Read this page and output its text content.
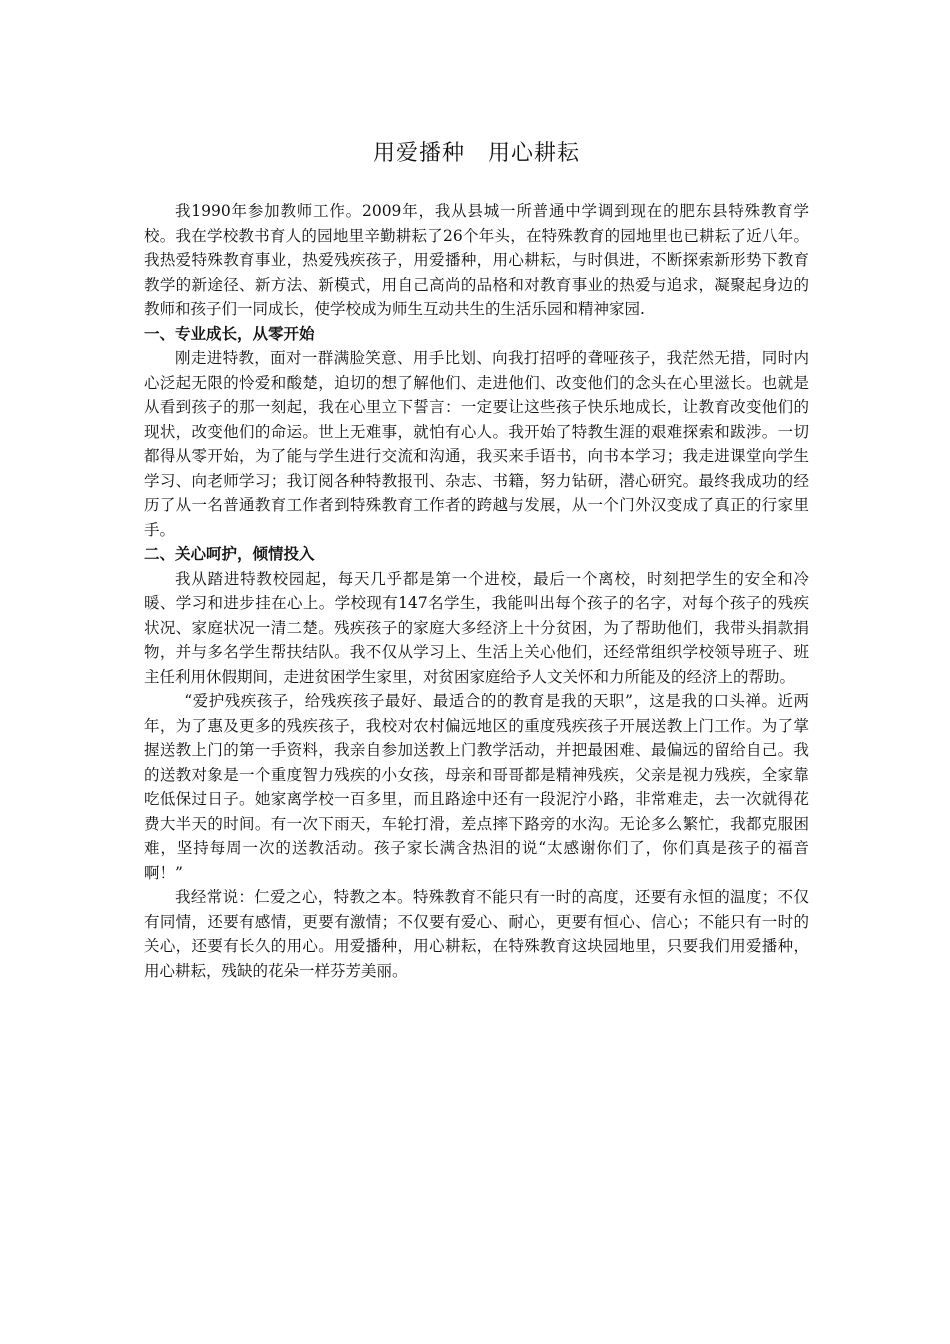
用爱播种　用心耕耘

我1990年参加教师工作。2009年，我从县城一所普通中学调到现在的肥东县特殊教育学校。我在学校教书育人的园地里辛勤耕耘了26个年头，在特殊教育的园地里也已耕耘了近八年。我热爱特殊教育事业，热爱残疾孩子，用爱播种，用心耕耘，与时俱进，不断探索新形势下教育教学的新途径、新方法、新模式，用自己高尚的品格和对教育事业的热爱与追求，凝聚起身边的教师和孩子们一同成长，使学校成为师生互动共生的生活乐园和精神家园.

一、专业成长，从零开始

刚走进特教，面对一群满脸笑意、用手比划、向我打招呼的聋哑孩子，我茫然无措，同时内心泛起无限的怜爱和酸楚，迫切的想了解他们、走进他们、改变他们的念头在心里滋长。也就是从看到孩子的那一刻起，我在心里立下誓言：一定要让这些孩子快乐地成长，让教育改变他们的现状，改变他们的命运。世上无难事，就怕有心人。我开始了特教生涯的艰难探索和跋涉。一切都得从零开始，为了能与学生进行交流和沟通，我买来手语书，向书本学习；我走进课堂向学生学习、向老师学习；我订阅各种特教报刊、杂志、书籍，努力钻研，潜心研究。最终我成功的经历了从一名普通教育工作者到特殊教育工作者的跨越与发展，从一个门外汉变成了真正的行家里手。

二、关心呵护，倾情投入

我从踏进特教校园起，每天几乎都是第一个进校，最后一个离校，时刻把学生的安全和冷暖、学习和进步挂在心上。学校现有147名学生，我能叫出每个孩子的名字，对每个孩子的残疾状况、家庭状况一清二楚。残疾孩子的家庭大多经济上十分贫困，为了帮助他们，我带头捐款捐物，并与多名学生帮扶结队。我不仅从学习上、生活上关心他们，还经常组织学校领导班子、班主任利用休假期间，走进贫困学生家里，对贫困家庭给予人文关怀和力所能及的经济上的帮助。

“爱护残疾孩子，给残疾孩子最好、最适合的的教育是我的天职”，这是我的口头禅。近两年，为了惠及更多的残疾孩子，我校对农村偏远地区的重度残疾孩子开展送教上门工作。为了掌握送教上门的第一手资料，我亲自参加送教上门教学活动，并把最困难、最偏远的留给自己。我的送教对象是一个重度智力残疾的小女孩，母亲和哥哥都是精神残疾，父亲是视力残疾，全家靠吃低保过日子。她家离学校一百多里，而且路途中还有一段泥泞小路，非常难走，去一次就得花费大半天的时间。有一次下雨天，车轮打滑，差点摔下路旁的水沟。无论多么繁忙，我都克服困难，坚持每周一次的送教活动。孩子家长满含热泪的说“太感谢你们了，你们真是孩子的福音啊！”

我经常说：仁爱之心，特教之本。特殊教育不能只有一时的高度，还要有永恒的温度；不仅有同情，还要有感情，更要有激情；不仅要有爱心、耐心，更要有恒心、信心；不能只有一时的关心，还要有长久的用心。用爱播种，用心耕耘，在特殊教育这块园地里，只要我们用爱播种，用心耕耘，残缺的花朵一样芬芳美丽。
